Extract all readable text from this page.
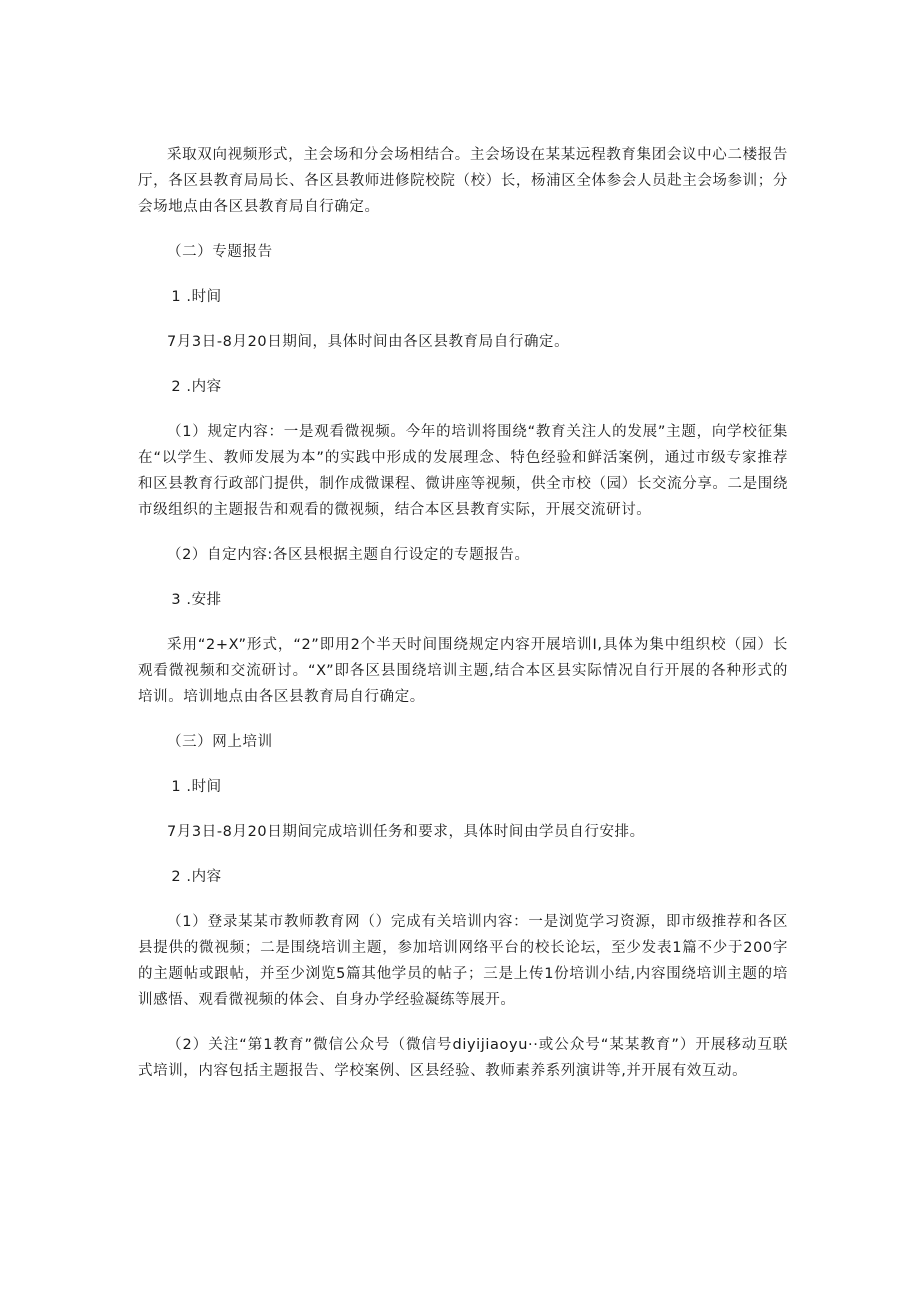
采取双向视频形式，主会场和分会场相结合。主会场设在某某远程教育集团会议中心二楼报告厅，各区县教育局局长、各区县教师进修院校院（校）长，杨浦区全体参会人员赴主会场参训；分会场地点由各区县教育局自行确定。

（二）专题报告

1 .时间

7月3日-8月20日期间，具体时间由各区县教育局自行确定。

2 .内容

（1）规定内容：一是观看微视频。今年的培训将围绕“教育关注人的发展”主题，向学校征集在“以学生、教师发展为本”的实践中形成的发展理念、特色经验和鲜活案例，通过市级专家推荐和区县教育行政部门提供，制作成微课程、微讲座等视频，供全市校（园）长交流分享。二是围绕市级组织的主题报告和观看的微视频，结合本区县教育实际，开展交流研讨。

（2）自定内容:各区县根据主题自行设定的专题报告。

3 .安排

采用“2+X”形式，“2”即用2个半天时间围绕规定内容开展培训I,具体为集中组织校（园）长观看微视频和交流研讨。“X”即各区县围绕培训主题,结合本区县实际情况自行开展的各种形式的培训。培训地点由各区县教育局自行确定。

（三）网上培训

1 .时间

7月3日-8月20日期间完成培训任务和要求，具体时间由学员自行安排。

2 .内容

（1）登录某某市教师教育网（）完成有关培训内容：一是浏览学习资源，即市级推荐和各区县提供的微视频；二是围绕培训主题，参加培训网络平台的校长论坛，至少发表1篇不少于200字的主题帖或跟帖，并至少浏览5篇其他学员的帖子；三是上传1份培训小结,内容围绕培训主题的培训感悟、观看微视频的体会、自身办学经验凝练等展开。

（2）关注“第1教育”微信公众号（微信号diyijiaoyu··或公众号“某某教育”）开展移动互联式培训，内容包括主题报告、学校案例、区县经验、教师素养系列演讲等,并开展有效互动。
